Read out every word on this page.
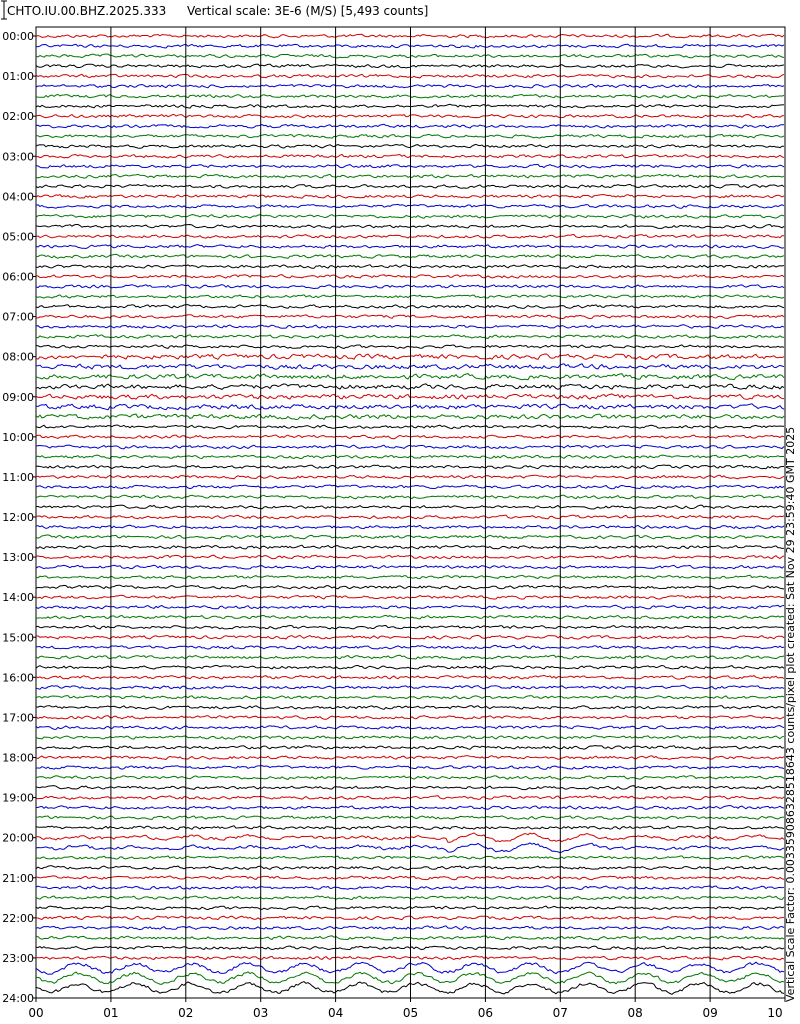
CHTO.IU.00.BHZ.2025.333 Vertical scale: 3E-6 (M/S) [5,493 counts]
00	01	02	03	04	05	06	07	08	09	10
00:00
01:00
02:00
03:00
04:00
05:00
06:00
07:00
08:00
09:00
10:00
11:00
12:00
13:00
14:00
15:00
16:00
17:00
18:00
19:00
20:00
21:00
22:00
23:00
24:00	Vertical Scale Factor: 0.003359086328518643 counts/pixel plot created: Sat Nov 29 23:59:40 GMT 2025
